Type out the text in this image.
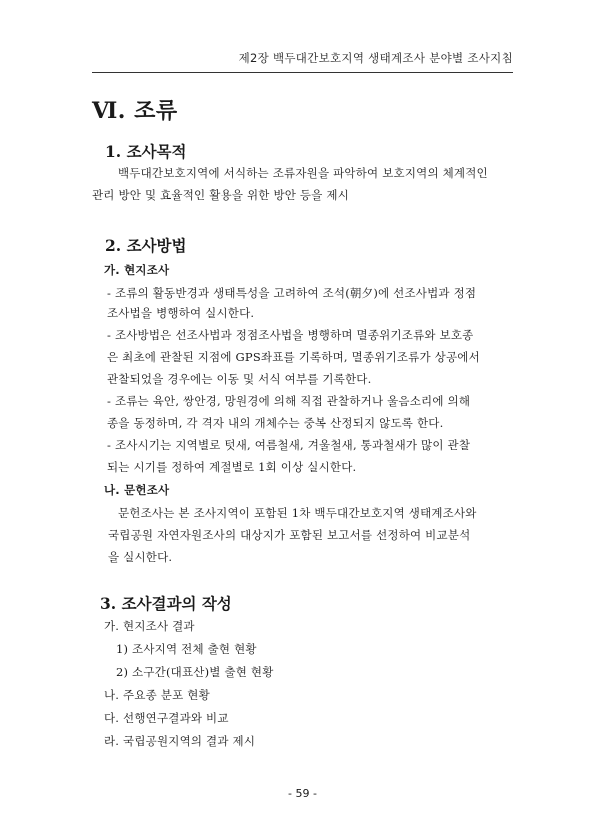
제2장 백두대간보호지역 생태계조사 분야별 조사지침
Ⅵ. 조류
1. 조사목적
백두대간보호지역에 서식하는 조류자원을 파악하여 보호지역의 체계적인
관리 방안 및 효율적인 활용을 위한 방안 등을 제시
2. 조사방법
가. 현지조사
- 조류의 활동반경과 생태특성을 고려하여 조석(朝夕)에 선조사법과 정점
조사법을 병행하여 실시한다.
- 조사방법은 선조사법과 정점조사법을 병행하며 멸종위기조류와 보호종
은 최초에 관찰된 지점에 GPS좌표를 기록하며, 멸종위기조류가 상공에서
관찰되었을 경우에는 이동 및 서식 여부를 기록한다.
- 조류는 육안, 쌍안경, 망원경에 의해 직접 관찰하거나 울음소리에 의해
종을 동정하며, 각 격자 내의 개체수는 중복 산정되지 않도록 한다.
- 조사시기는 지역별로 텃새, 여름철새, 겨울철새, 통과철새가 많이 관찰
되는 시기를 정하여 계절별로 1회 이상 실시한다.
나. 문헌조사
문헌조사는 본 조사지역이 포함된 1차 백두대간보호지역 생태계조사와
국립공원 자연자원조사의 대상지가 포함된 보고서를 선정하여 비교분석
을 실시한다.
3. 조사결과의 작성
가. 현지조사 결과
1) 조사지역 전체 출현 현황
2) 소구간(대표산)별 출현 현황
나. 주요종 분포 현황
다. 선행연구결과와 비교
라. 국립공원지역의 결과 제시
- 59 -
